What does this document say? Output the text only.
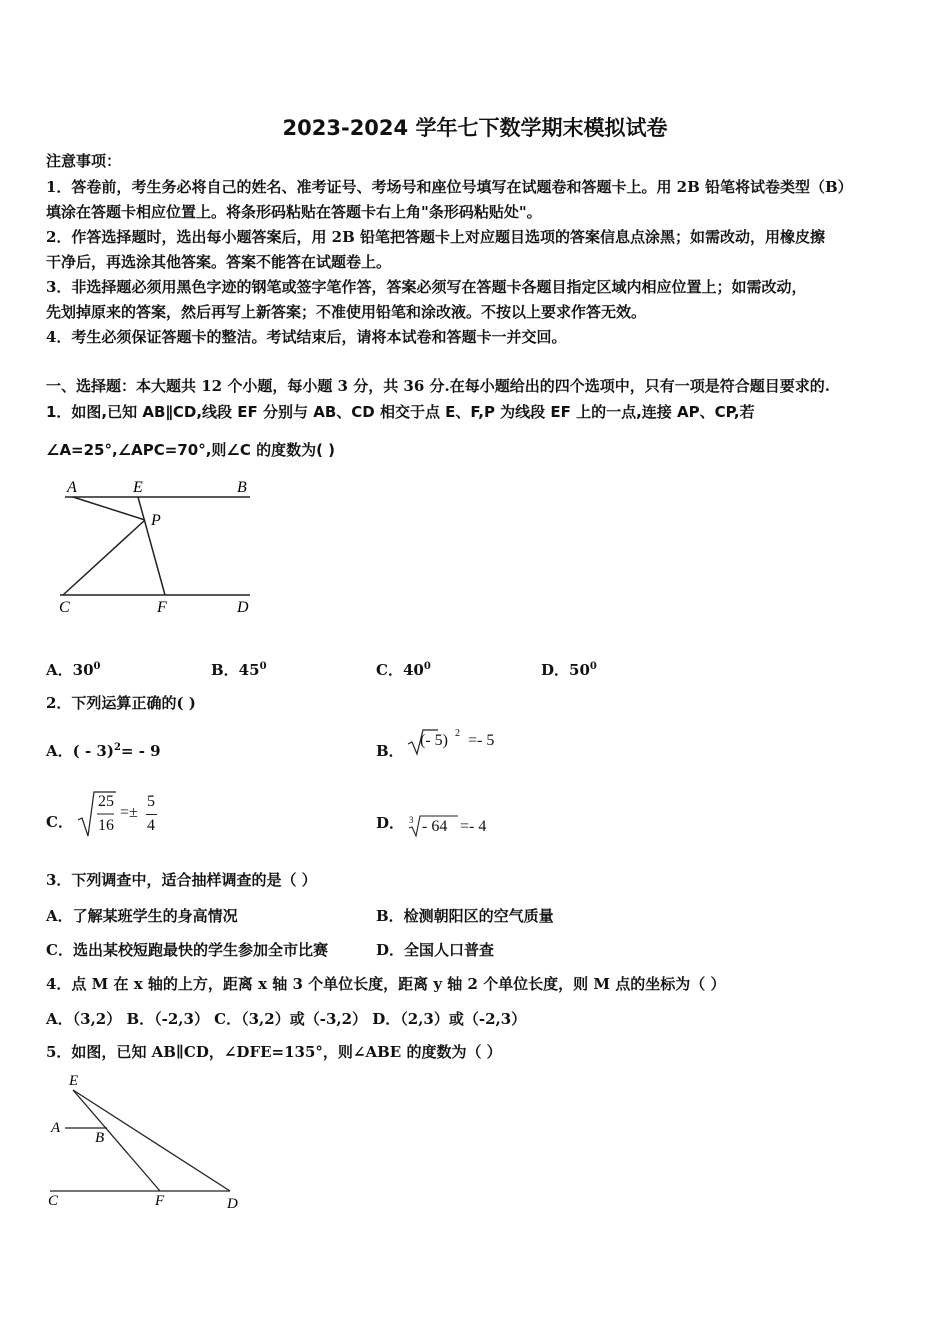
2023-2024 学年七下数学期末模拟试卷
注意事项：
1．答卷前，考生务必将自己的姓名、准考证号、考场号和座位号填写在试题卷和答题卡上。用 2B 铅笔将试卷类型（B）
填涂在答题卡相应位置上。将条形码粘贴在答题卡右上角"条形码粘贴处"。
2．作答选择题时，选出每小题答案后，用 2B 铅笔把答题卡上对应题目选项的答案信息点涂黑；如需改动，用橡皮擦
干净后，再选涂其他答案。答案不能答在试题卷上。
3．非选择题必须用黑色字迹的钢笔或签字笔作答，答案必须写在答题卡各题目指定区域内相应位置上；如需改动，
先划掉原来的答案，然后再写上新答案；不准使用铅笔和涂改液。不按以上要求作答无效。
4．考生必须保证答题卡的整洁。考试结束后，请将本试卷和答题卡一并交回。
一、选择题：本大题共 12 个小题，每小题 3 分，共 36 分.在每小题给出的四个选项中，只有一项是符合题目要求的.
1．如图,已知 AB∥CD,线段 EF 分别与 AB、CD 相交于点 E、F,P 为线段 EF 上的一点,连接 AP、CP,若
∠A=25°,∠APC=70°,则∠C 的度数为( )
A	E	B
P
C	F	D
A．$30^0$	B．$45^0$	C．$40^0$	D．$50^0$
2．下列运算正确的( )
A．( - 3)$^2$= - 9	B．
(- 5) 2 =- 5
C．
25
16
=±
5
4	D． 3 - 64 =- 4
3．下列调查中，适合抽样调查的是（ ）
A．了解某班学生的身高情况	B．检测朝阳区的空气质量
C．选出某校短跑最快的学生参加全市比赛	D．全国人口普查
4．点 M 在 x 轴的上方，距离 x 轴 3 个单位长度，距离 y 轴 2 个单位长度，则 M 点的坐标为（ ）
A．（3,2） B．（-2,3） C．（3,2）或（-3,2） D．（2,3）或（-2,3）
5．如图，已知 AB∥CD，∠DFE=135°，则∠ABE 的度数为（ ）
E
A
B
C	F	D
